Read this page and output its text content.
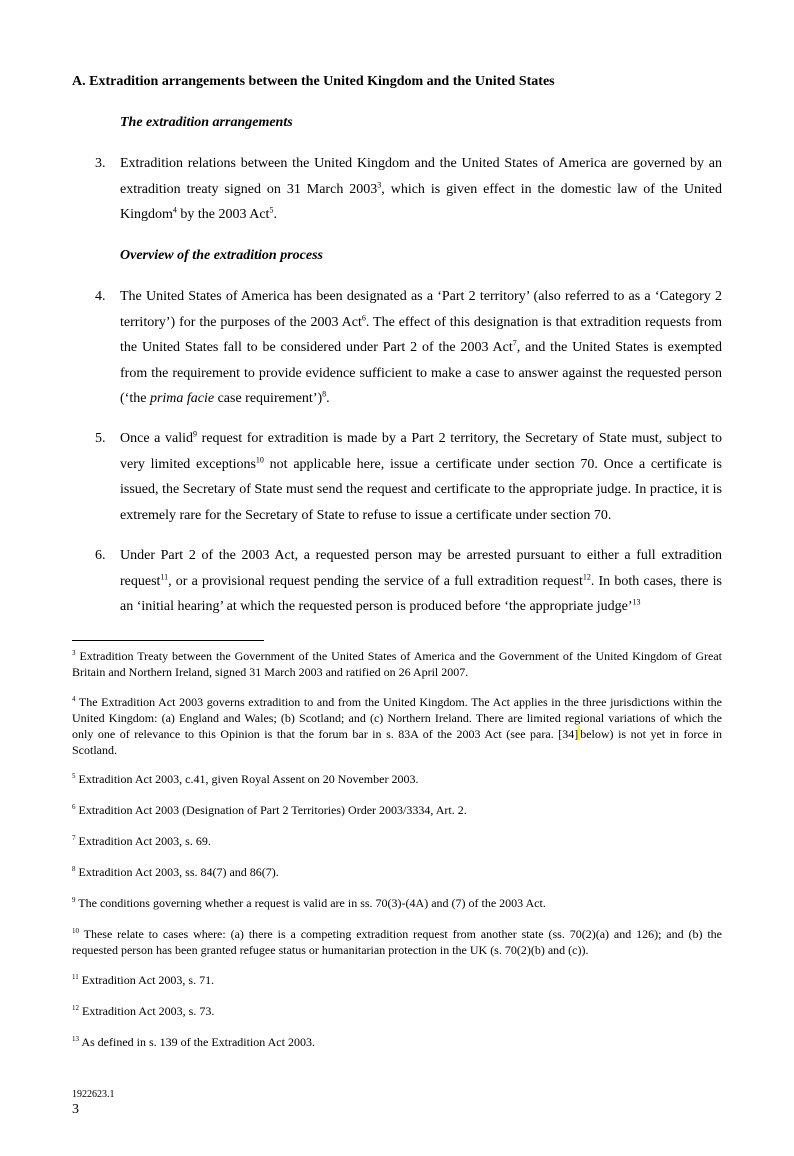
A. Extradition arrangements between the United Kingdom and the United States
The extradition arrangements
3.	Extradition relations between the United Kingdom and the United States of America are governed by an extradition treaty signed on 31 March 2003$^3$, which is given effect in the domestic law of the United Kingdom$^4$ by the 2003 Act$^5$.
Overview of the extradition process
4.	The United States of America has been designated as a ‘Part 2 territory’ (also referred to as a ‘Category 2 territory’) for the purposes of the 2003 Act$^6$. The effect of this designation is that extradition requests from the United States fall to be considered under Part 2 of the 2003 Act$^7$, and the United States is exempted from the requirement to provide evidence sufficient to make a case to answer against the requested person (‘the prima facie case requirement’)$^8$.
5.	Once a valid$^9$ request for extradition is made by a Part 2 territory, the Secretary of State must, subject to very limited exceptions$^{10}$ not applicable here, issue a certificate under section 70. Once a certificate is issued, the Secretary of State must send the request and certificate to the appropriate judge. In practice, it is extremely rare for the Secretary of State to refuse to issue a certificate under section 70.
6.	Under Part 2 of the 2003 Act, a requested person may be arrested pursuant to either a full extradition request$^{11}$, or a provisional request pending the service of a full extradition request$^{12}$. In both cases, there is an ‘initial hearing’ at which the requested person is produced before ‘the appropriate judge’$^{13}$
$^3$ Extradition Treaty between the Government of the United States of America and the Government of the United Kingdom of Great Britain and Northern Ireland, signed 31 March 2003 and ratified on 26 April 2007.
$^4$ The Extradition Act 2003 governs extradition to and from the United Kingdom. The Act applies in the three jurisdictions within the United Kingdom: (a) England and Wales; (b) Scotland; and (c) Northern Ireland. There are limited regional variations of which the only one of relevance to this Opinion is that the forum bar in s. 83A of the 2003 Act (see para. [34] below) is not yet in force in Scotland.
$^5$ Extradition Act 2003, c.41, given Royal Assent on 20 November 2003.
$^6$ Extradition Act 2003 (Designation of Part 2 Territories) Order 2003/3334, Art. 2.
$^7$ Extradition Act 2003, s. 69.
$^8$ Extradition Act 2003, ss. 84(7) and 86(7).
$^9$ The conditions governing whether a request is valid are in ss. 70(3)-(4A) and (7) of the 2003 Act.
$^{10}$ These relate to cases where: (a) there is a competing extradition request from another state (ss. 70(2)(a) and 126); and (b) the requested person has been granted refugee status or humanitarian protection in the UK (s. 70(2)(b) and (c)).
$^{11}$ Extradition Act 2003, s. 71.
$^{12}$ Extradition Act 2003, s. 73.
$^{13}$ As defined in s. 139 of the Extradition Act 2003.
1922623.1
3
